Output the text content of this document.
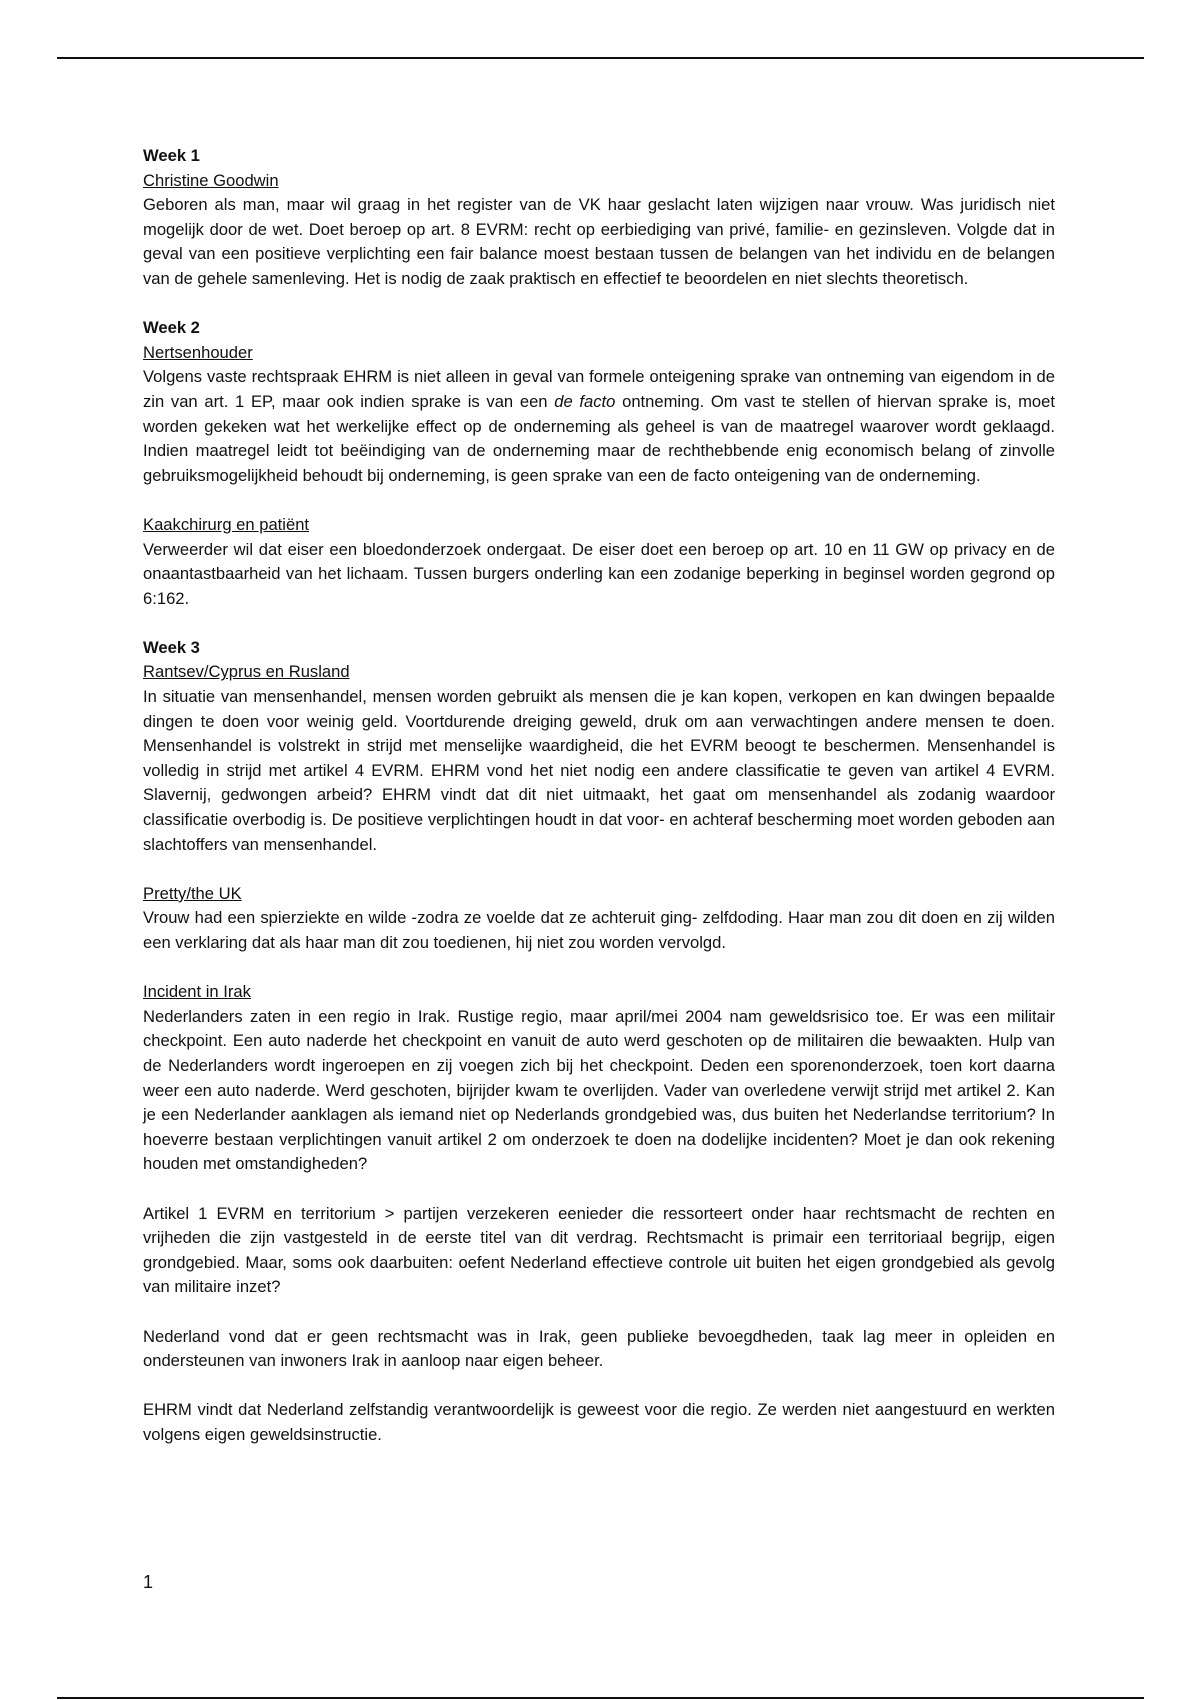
Week 1

Christine Goodwin

Geboren als man, maar wil graag in het register van de VK haar geslacht laten wijzigen naar vrouw. Was juridisch niet mogelijk door de wet. Doet beroep op art. 8 EVRM: recht op eerbiediging van privé, familie- en gezinsleven. Volgde dat in geval van een positieve verplichting een fair balance moest bestaan tussen de belangen van het individu en de belangen van de gehele samenleving. Het is nodig de zaak praktisch en effectief te beoordelen en niet slechts theoretisch.

Week 2

Nertsenhouder

Volgens vaste rechtspraak EHRM is niet alleen in geval van formele onteigening sprake van ontneming van eigendom in de zin van art. 1 EP, maar ook indien sprake is van een de facto ontneming. Om vast te stellen of hiervan sprake is, moet worden gekeken wat het werkelijke effect op de onderneming als geheel is van de maatregel waarover wordt geklaagd. Indien maatregel leidt tot beëindiging van de onderneming maar de rechthebbende enig economisch belang of zinvolle gebruiksmogelijkheid behoudt bij onderneming, is geen sprake van een de facto onteigening van de onderneming.

Kaakchirurg en patiënt

Verweerder wil dat eiser een bloedonderzoek ondergaat. De eiser doet een beroep op art. 10 en 11 GW op privacy en de onaantastbaarheid van het lichaam. Tussen burgers onderling kan een zodanige beperking in beginsel worden gegrond op 6:162.

Week 3

Rantsev/Cyprus en Rusland

In situatie van mensenhandel, mensen worden gebruikt als mensen die je kan kopen, verkopen en kan dwingen bepaalde dingen te doen voor weinig geld. Voortdurende dreiging geweld, druk om aan verwachtingen andere mensen te doen. Mensenhandel is volstrekt in strijd met menselijke waardigheid, die het EVRM beoogt te beschermen. Mensenhandel is volledig in strijd met artikel 4 EVRM. EHRM vond het niet nodig een andere classificatie te geven van artikel 4 EVRM. Slavernij, gedwongen arbeid? EHRM vindt dat dit niet uitmaakt, het gaat om mensenhandel als zodanig waardoor classificatie overbodig is. De positieve verplichtingen houdt in dat voor- en achteraf bescherming moet worden geboden aan slachtoffers van mensenhandel.

Pretty/the UK

Vrouw had een spierziekte en wilde -zodra ze voelde dat ze achteruit ging- zelfdoding. Haar man zou dit doen en zij wilden een verklaring dat als haar man dit zou toedienen, hij niet zou worden vervolgd.

Incident in Irak

Nederlanders zaten in een regio in Irak. Rustige regio, maar april/mei 2004 nam geweldsrisico toe. Er was een militair checkpoint. Een auto naderde het checkpoint en vanuit de auto werd geschoten op de militairen die bewaakten. Hulp van de Nederlanders wordt ingeroepen en zij voegen zich bij het checkpoint. Deden een sporenonderzoek, toen kort daarna weer een auto naderde. Werd geschoten, bijrijder kwam te overlijden. Vader van overledene verwijt strijd met artikel 2. Kan je een Nederlander aanklagen als iemand niet op Nederlands grondgebied was, dus buiten het Nederlandse territorium? In hoeverre bestaan verplichtingen vanuit artikel 2 om onderzoek te doen na dodelijke incidenten? Moet je dan ook rekening houden met omstandigheden?

Artikel 1 EVRM en territorium > partijen verzekeren eenieder die ressorteert onder haar rechtsmacht de rechten en vrijheden die zijn vastgesteld in de eerste titel van dit verdrag. Rechtsmacht is primair een territoriaal begrijp, eigen grondgebied. Maar, soms ook daarbuiten: oefent Nederland effectieve controle uit buiten het eigen grondgebied als gevolg van militaire inzet?

Nederland vond dat er geen rechtsmacht was in Irak, geen publieke bevoegdheden, taak lag meer in opleiden en ondersteunen van inwoners Irak in aanloop naar eigen beheer.

EHRM vindt dat Nederland zelfstandig verantwoordelijk is geweest voor die regio. Ze werden niet aangestuurd en werkten volgens eigen geweldsinstructie.

1
